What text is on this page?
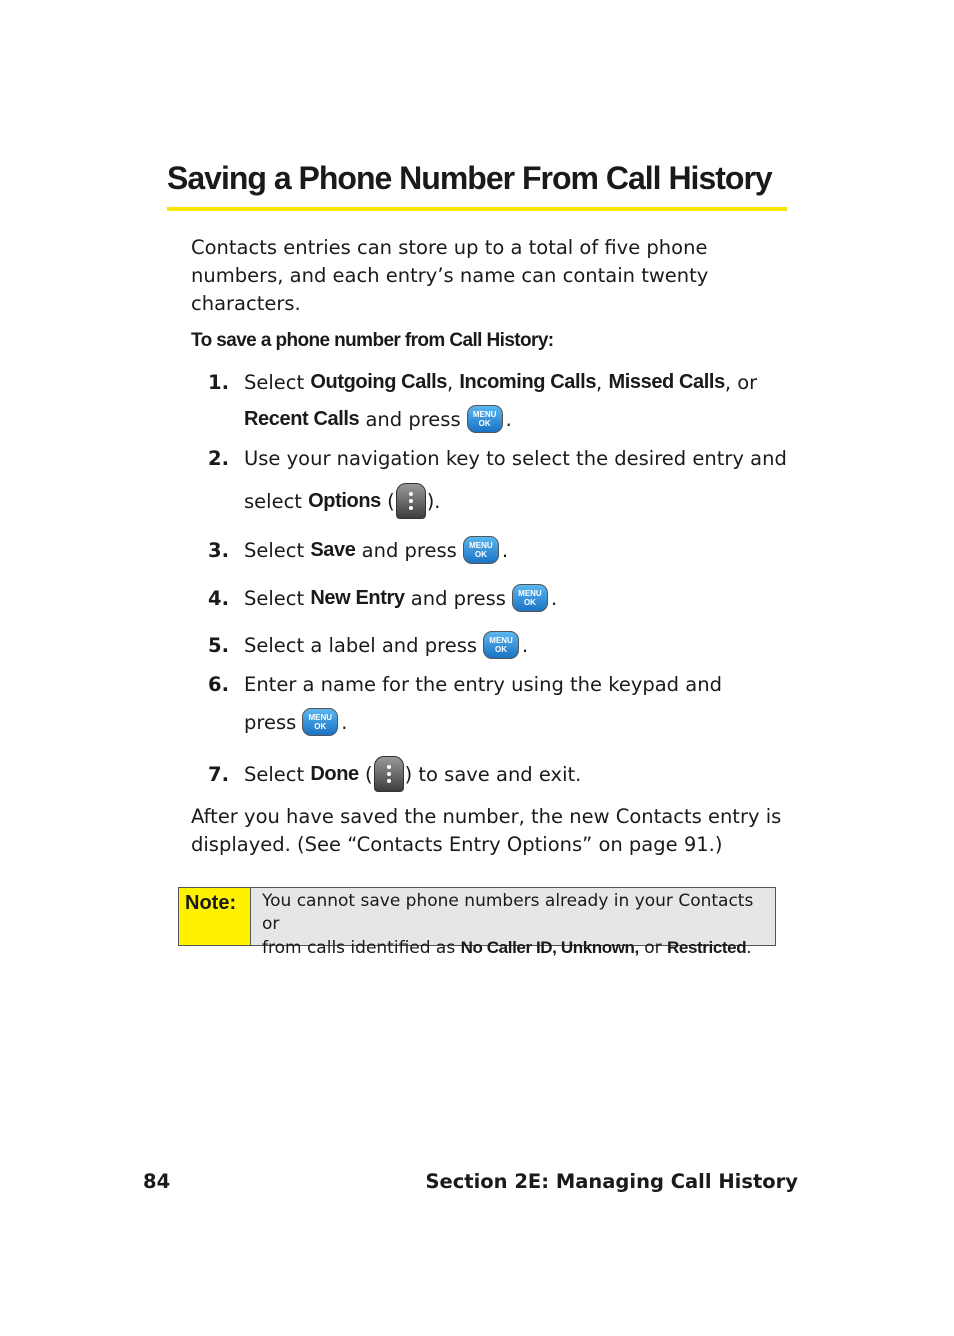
Saving a Phone Number From Call History

Contacts entries can store up to a total of five phone numbers, and each entry’s name can contain twenty characters.

To save a phone number from Call History:
1. Select Outgoing Calls , Incoming Calls , Missed Calls , or
Recent Calls and press MENU
OK .
2. Use your navigation key to select the desired entry and
select Options ( ).
3. Select Save and press MENU
OK .
4. Select New Entry and press MENU
OK .
5. Select a label and press MENU
OK .
6. Enter a name for the entry using the keypad and
press MENU
OK .
7. Select Done ( ) to save and exit.

After you have saved the number, the new Contacts entry is displayed. (See “Contacts Entry Options” on page 91.)

Note:	You cannot save phone numbers already in your Contacts or
from calls identified as No Caller ID, Unknown, or Restricted.
84	Section 2E: Managing Call History
